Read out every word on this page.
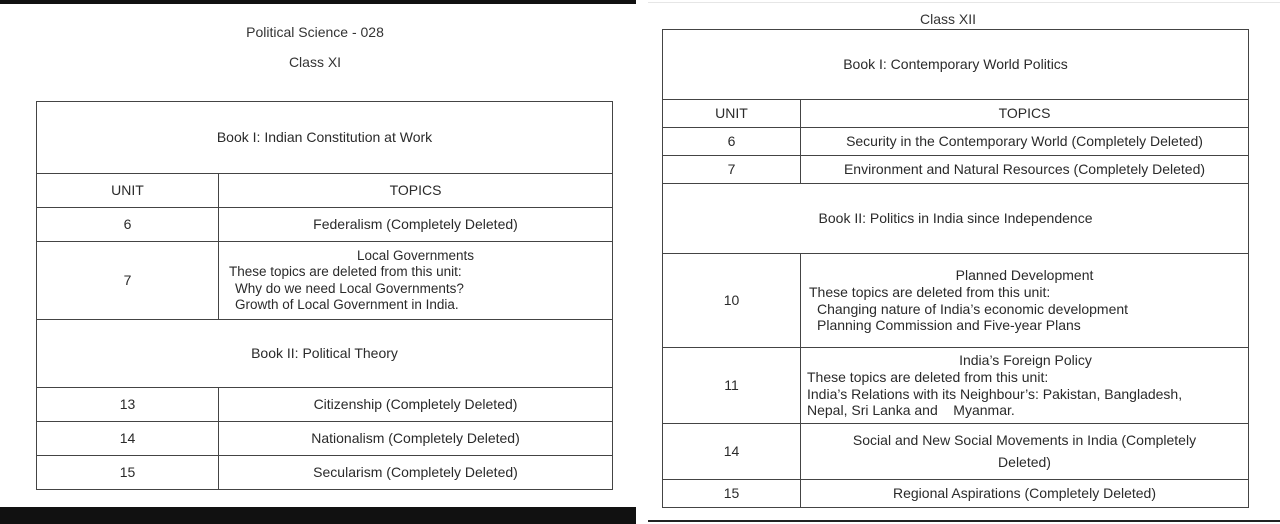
Political Science - 028
Class XI
Book I: Indian Constitution at Work	
UNIT	TOPICS
6	Federalism (Completely Deleted)
7	Local Governments
These topics are deleted from this unit:
Why do we need Local Governments?
Growth of Local Government in India.

Book II: Political Theory	
13	Citizenship (Completely Deleted)
14	Nationalism (Completely Deleted)
15	Secularism (Completely Deleted)
Class XII
Book I: Contemporary World Politics	
UNIT	TOPICS
6	Security in the Contemporary World (Completely Deleted)
7	Environment and Natural Resources (Completely Deleted)
Book II: Politics in India since Independence	
10	Planned Development
These topics are deleted from this unit:
Changing nature of India’s economic development
Planning Commission and Five-year Plans

11	India’s Foreign Policy
These topics are deleted from this unit:
India’s Relations with its Neighbour’s: Pakistan, Bangladesh,
Nepal, Sri Lanka and    Myanmar.

14	Social and New Social Movements in India (Completely
Deleted)

15	Regional Aspirations (Completely Deleted)
